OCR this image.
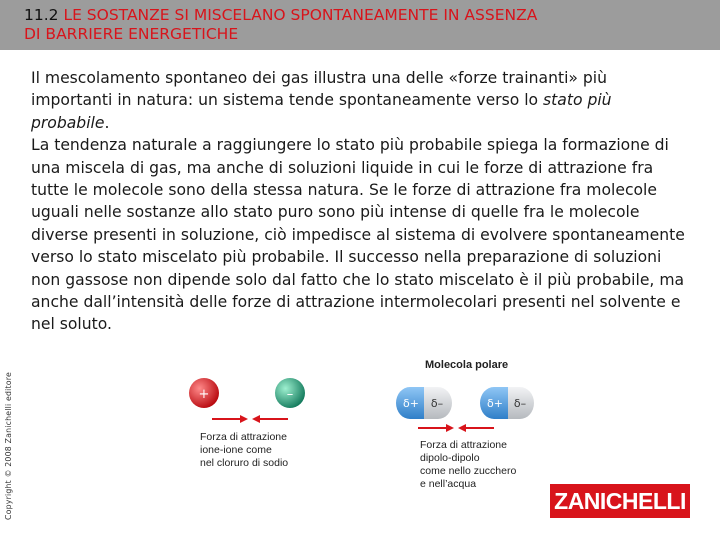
11.2 LE SOSTANZE SI MISCELANO SPONTANEAMENTE IN ASSENZA
DI BARRIERE ENERGETICHE
Il mescolamento spontaneo dei gas illustra una delle «forze trainanti» più importanti in natura: un sistema tende spontaneamente verso lo stato più probabile.
La tendenza naturale a raggiungere lo stato più probabile spiega la formazione di una miscela di gas, ma anche di soluzioni liquide in cui le forze di attrazione fra tutte le molecole sono della stessa natura. Se le forze di attrazione fra molecole uguali nelle sostanze allo stato puro sono più intense di quelle fra le molecole diverse presenti in soluzione, ciò impedisce al sistema di evolvere spontaneamente verso lo stato miscelato più probabile. Il successo nella preparazione di soluzioni non gassose non dipende solo dal fatto che lo stato miscelato è il più probabile, ma anche dall’intensità delle forze di attrazione intermolecolari presenti nel solvente e nel soluto.
Copyright © 2008 Zanichelli editore	+	–
Forza di attrazione ione-ione come nel cloruro di sodio
Molecola polare
δ+ δ–	δ+ δ–
Forza di attrazione dipolo-dipolo come nello zucchero e nell’acqua
ZANICHELLI
